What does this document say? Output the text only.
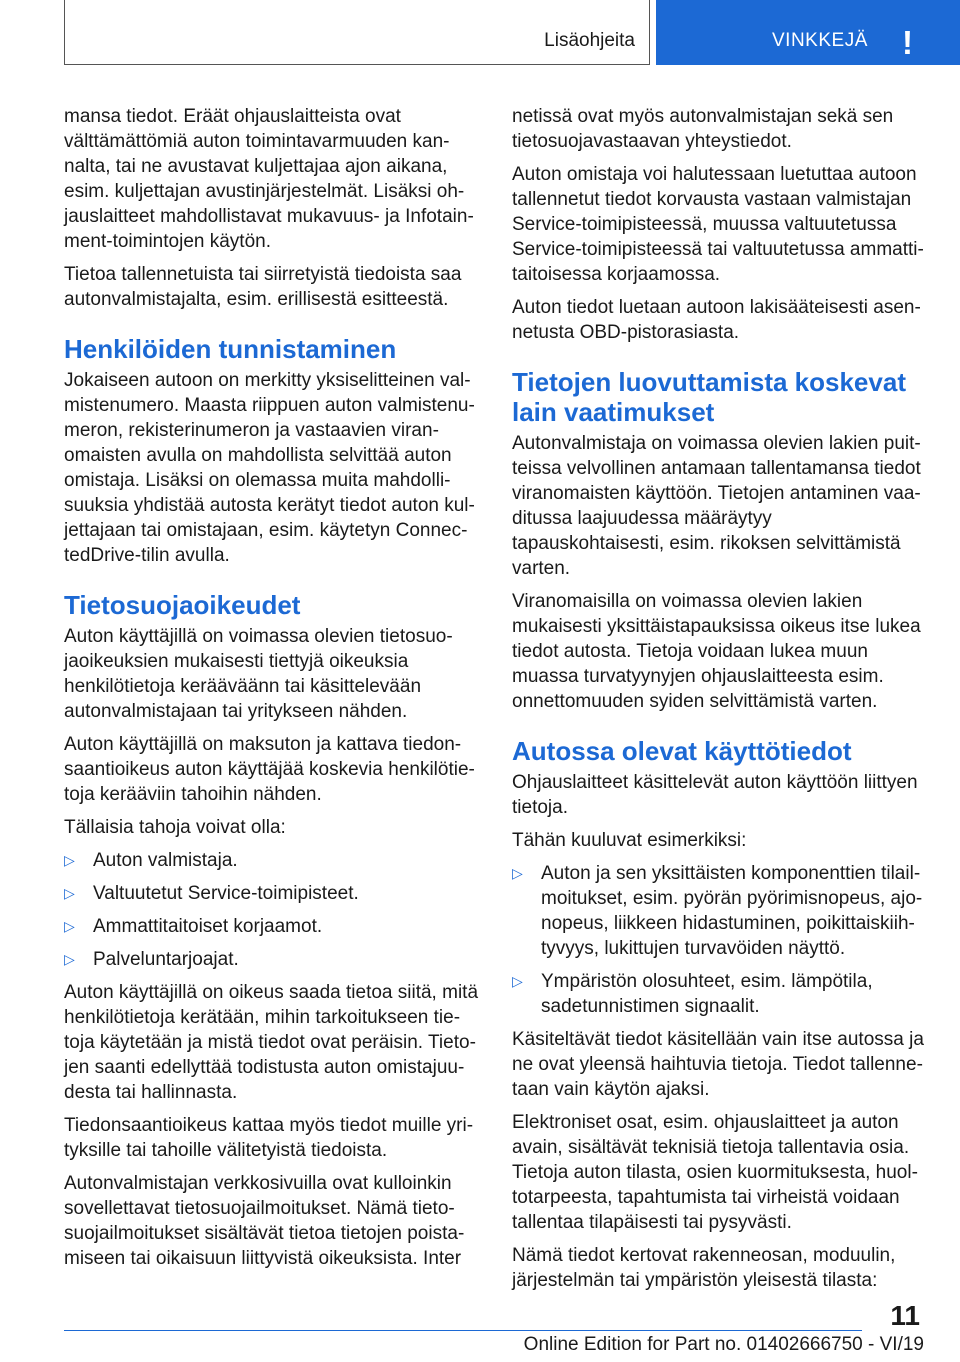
Lisäohjeita	VINKKEJÄ !

mansa tiedot. Eräät ohjauslaitteista ovat välttämättömiä auton toimintavarmuuden kannalta, tai ne avustavat kuljettajaa ajon aikana, esim. kuljettajan avustinjärjestelmät. Lisäksi ohjauslaitteet mahdollistavat mukavuus- ja Infotainment-toimintojen käytön.

Tietoa tallennetuista tai siirretyistä tiedoista saa autonvalmistajalta, esim. erillisestä esitteestä.

Henkilöiden tunnistaminen

Jokaiseen autoon on merkitty yksiselitteinen valmistenumero. Maasta riippuen auton valmistenumeron, rekisterinumeron ja vastaavien viranomaisten avulla on mahdollista selvittää auton omistaja. Lisäksi on olemassa muita mahdollisuuksia yhdistää autosta kerätyt tiedot auton kuljettajaan tai omistajaan, esim. käytetyn ConnectedDrive-tilin avulla.

Tietosuojaoikeudet

Auton käyttäjillä on voimassa olevien tietosuojaoikeuksien mukaisesti tiettyjä oikeuksia henkilötietoja kerääväänn tai käsittelevään autonvalmistajaan tai yritykseen nähden.

Auton käyttäjillä on maksuton ja kattava tiedonsaantioikeus auton käyttäjää koskevia henkilötietoja kerääviin tahoihin nähden.

Tällaisia tahoja voivat olla:

▷ Auton valmistaja.
▷ Valtuutetut Service-toimipisteet.
▷ Ammattitaitoiset korjaamot.
▷ Palveluntarjoajat.

Auton käyttäjillä on oikeus saada tietoa siitä, mitä henkilötietoja kerätään, mihin tarkoitukseen tietoja käytetään ja mistä tiedot ovat peräisin. Tietojen saanti edellyttää todistusta auton omistajuudesta tai hallinnasta.

Tiedonsaantioikeus kattaa myös tiedot muille yrityksille tai tahoille välitetyistä tiedoista.

Autonvalmistajan verkkosivuilla ovat kulloinkin sovellettavat tietosuojailmoitukset. Nämä tietosuojailmoitukset sisältävät tietoa tietojen poistamiseen tai oikaisuun liittyvistä oikeuksista. Inter

netissä ovat myös autonvalmistajan sekä sen tietosuojavastaavan yhteystiedot.

Auton omistaja voi halutessaan luetuttaa autoon tallennetut tiedot korvausta vastaan valmistajan Service-toimipisteessä, muussa valtuutetussa Service-toimipisteessä tai valtuutetussa ammattitaitoisessa korjaamossa.

Auton tiedot luetaan autoon lakisääteisesti asennetusta OBD-pistorasiasta.

Tietojen luovuttamista koskevat lain vaatimukset

Autonvalmistaja on voimassa olevien lakien puitteissa velvollinen antamaan tallentamansa tiedot viranomaisten käyttöön. Tietojen antaminen vaaditussa laajuudessa määräytyy tapauskohtaisesti, esim. rikoksen selvittämistä varten.

Viranomaisilla on voimassa olevien lakien mukaisesti yksittäistapauksissa oikeus itse lukea tiedot autosta. Tietoja voidaan lukea muun muassa turvatyynyjen ohjauslaitteesta esim. onnettomuuden syiden selvittämistä varten.

Autossa olevat käyttötiedot

Ohjauslaitteet käsittelevät auton käyttöön liittyen tietoja.

Tähän kuuluvat esimerkiksi:

▷ Auton ja sen yksittäisten komponenttien tilailmoitukset, esim. pyörän pyörimisnopeus, ajonopeus, liikkeen hidastuminen, poikittaiskiihtyvyys, lukittujen turvavöiden näyttö.
▷ Ympäristön olosuhteet, esim. lämpötila, sadetunnistimen signaalit.

Käsiteltävät tiedot käsitellään vain itse autossa ja ne ovat yleensä haihtuvia tietoja. Tiedot tallennetaan vain käytön ajaksi.

Elektroniset osat, esim. ohjauslaitteet ja auton avain, sisältävät teknisiä tietoja tallentavia osia. Tietoja auton tilasta, osien kuormituksesta, huoltotarpeesta, tapahtumista tai virheistä voidaan tallentaa tilapäisesti tai pysyvästi.

Nämä tiedot kertovat rakenneosan, moduulin, järjestelmän tai ympäristön yleisestä tilasta:

11
Online Edition for Part no. 01402666750 - VI/19
